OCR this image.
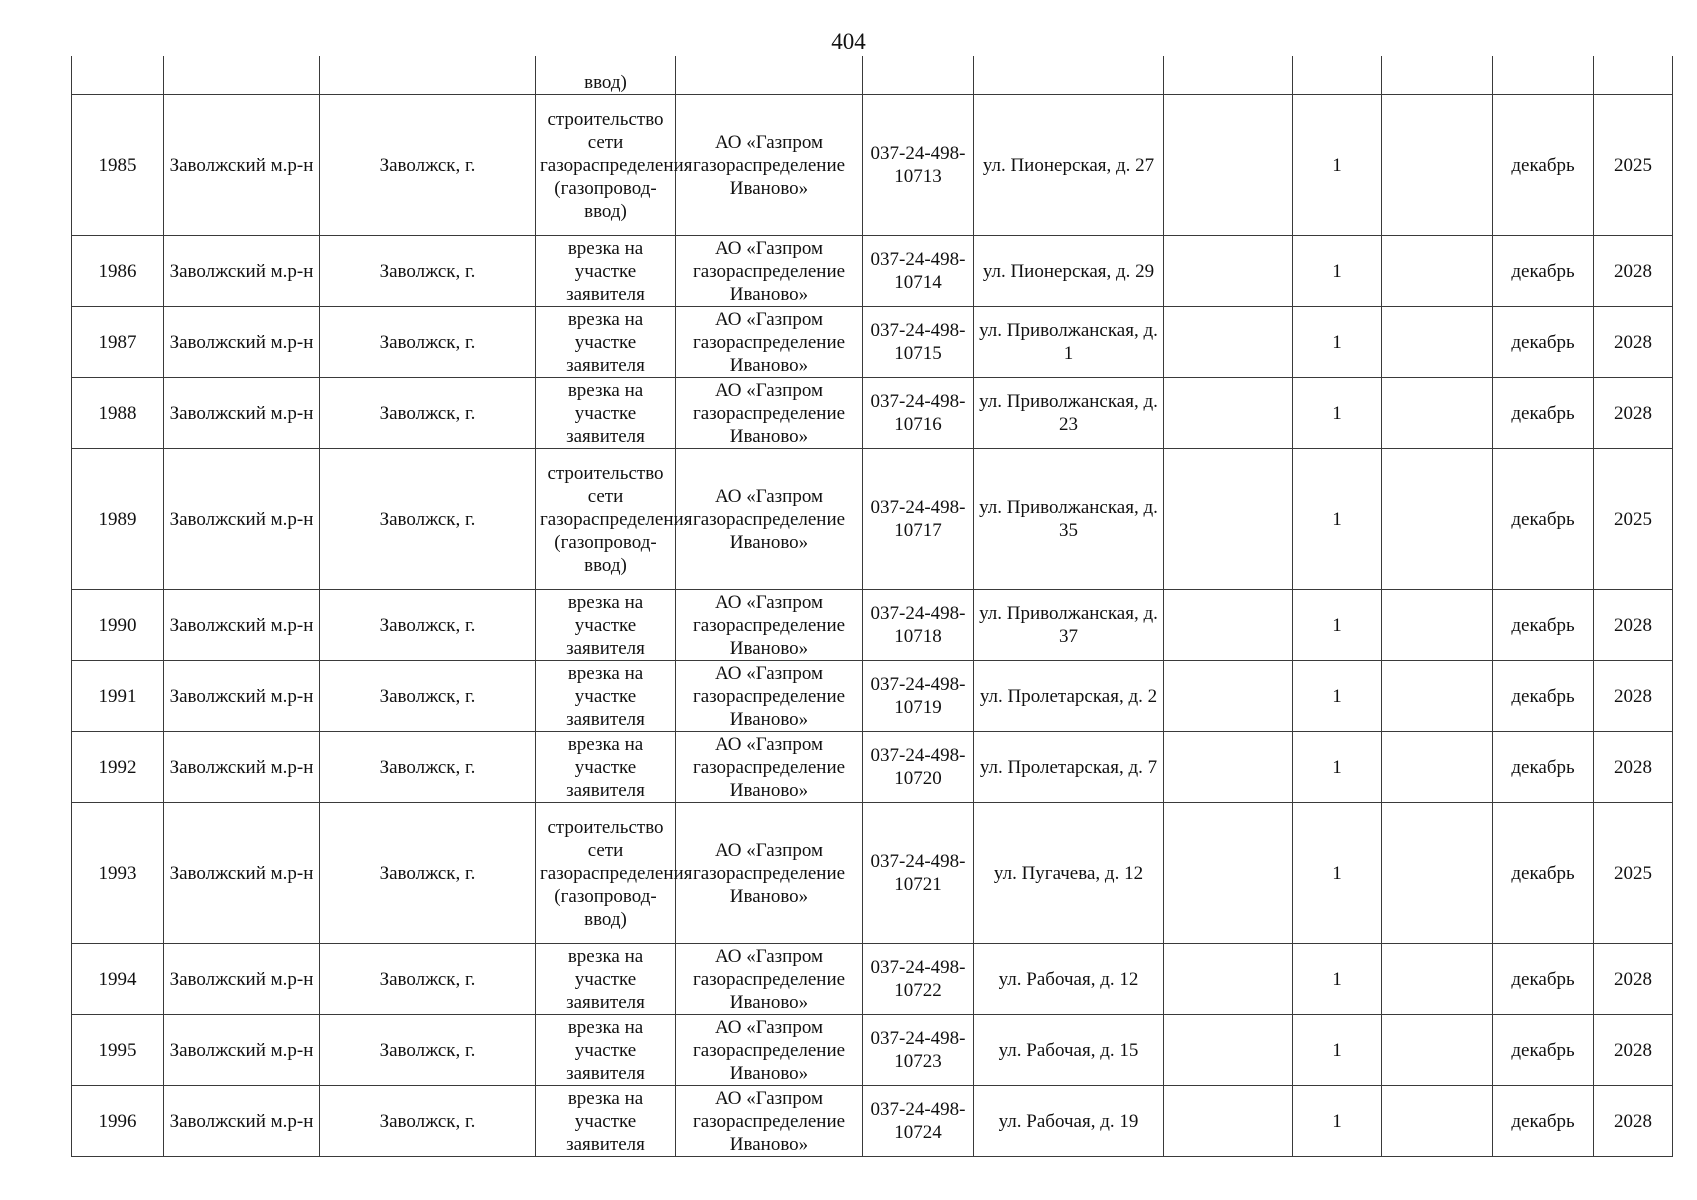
404
			ввод)								
1985	Заволжский м.р-н	Заволжск, г.	строительство сети газораспределения (газопровод-ввод)	АО «Газпром газораспределение Иваново»	037-24-498-10713	ул. Пионерская, д. 27		1		декабрь	2025
1986	Заволжский м.р-н	Заволжск, г.	врезка на участке заявителя	АО «Газпром газораспределение Иваново»	037-24-498-10714	ул. Пионерская, д. 29		1		декабрь	2028
1987	Заволжский м.р-н	Заволжск, г.	врезка на участке заявителя	АО «Газпром газораспределение Иваново»	037-24-498-10715	ул. Приволжанская, д. 1		1		декабрь	2028
1988	Заволжский м.р-н	Заволжск, г.	врезка на участке заявителя	АО «Газпром газораспределение Иваново»	037-24-498-10716	ул. Приволжанская, д. 23		1		декабрь	2028
1989	Заволжский м.р-н	Заволжск, г.	строительство сети газораспределения (газопровод-ввод)	АО «Газпром газораспределение Иваново»	037-24-498-10717	ул. Приволжанская, д. 35		1		декабрь	2025
1990	Заволжский м.р-н	Заволжск, г.	врезка на участке заявителя	АО «Газпром газораспределение Иваново»	037-24-498-10718	ул. Приволжанская, д. 37		1		декабрь	2028
1991	Заволжский м.р-н	Заволжск, г.	врезка на участке заявителя	АО «Газпром газораспределение Иваново»	037-24-498-10719	ул. Пролетарская, д. 2		1		декабрь	2028
1992	Заволжский м.р-н	Заволжск, г.	врезка на участке заявителя	АО «Газпром газораспределение Иваново»	037-24-498-10720	ул. Пролетарская, д. 7		1		декабрь	2028
1993	Заволжский м.р-н	Заволжск, г.	строительство сети газораспределения (газопровод-ввод)	АО «Газпром газораспределение Иваново»	037-24-498-10721	ул. Пугачева, д. 12		1		декабрь	2025
1994	Заволжский м.р-н	Заволжск, г.	врезка на участке заявителя	АО «Газпром газораспределение Иваново»	037-24-498-10722	ул. Рабочая, д. 12		1		декабрь	2028
1995	Заволжский м.р-н	Заволжск, г.	врезка на участке заявителя	АО «Газпром газораспределение Иваново»	037-24-498-10723	ул. Рабочая, д. 15		1		декабрь	2028
1996	Заволжский м.р-н	Заволжск, г.	врезка на участке заявителя	АО «Газпром газораспределение Иваново»	037-24-498-10724	ул. Рабочая, д. 19		1		декабрь	2028
